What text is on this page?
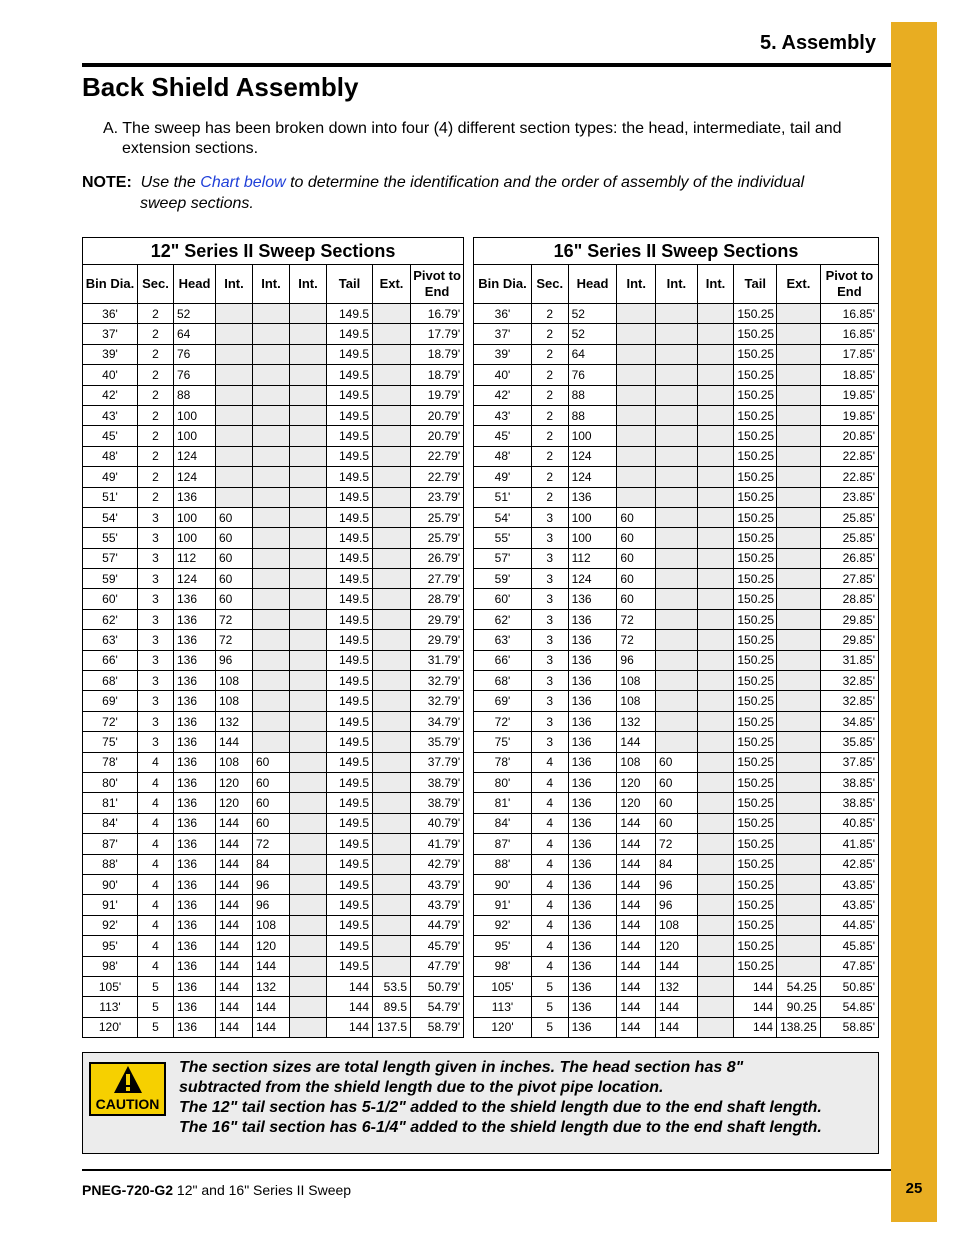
25
5. Assembly
Back Shield Assembly
A. The sweep has been broken down into four (4) different section types: the head, intermediate, tail and extension sections.
NOTE: Use the Chart below to determine the identification and the order of assembly of the individual
sweep sections.
12" Series II Sweep Sections								
Bin Dia.	Sec.	Head	Int.	Int.	Int.	Tail	Ext.	Pivot to End
36'	2	52				149.5		16.79'
37'	2	64				149.5		17.79'
39'	2	76				149.5		18.79'
40'	2	76				149.5		18.79'
42'	2	88				149.5		19.79'
43'	2	100				149.5		20.79'
45'	2	100				149.5		20.79'
48'	2	124				149.5		22.79'
49'	2	124				149.5		22.79'
51'	2	136				149.5		23.79'
54'	3	100	60			149.5		25.79'
55'	3	100	60			149.5		25.79'
57'	3	112	60			149.5		26.79'
59'	3	124	60			149.5		27.79'
60'	3	136	60			149.5		28.79'
62'	3	136	72			149.5		29.79'
63'	3	136	72			149.5		29.79'
66'	3	136	96			149.5		31.79'
68'	3	136	108			149.5		32.79'
69'	3	136	108			149.5		32.79'
72'	3	136	132			149.5		34.79'
75'	3	136	144			149.5		35.79'
78'	4	136	108	60		149.5		37.79'
80'	4	136	120	60		149.5		38.79'
81'	4	136	120	60		149.5		38.79'
84'	4	136	144	60		149.5		40.79'
87'	4	136	144	72		149.5		41.79'
88'	4	136	144	84		149.5		42.79'
90'	4	136	144	96		149.5		43.79'
91'	4	136	144	96		149.5		43.79'
92'	4	136	144	108		149.5		44.79'
95'	4	136	144	120		149.5		45.79'
98'	4	136	144	144		149.5		47.79'
105'	5	136	144	132		144	53.5	50.79'
113'	5	136	144	144		144	89.5	54.79'
120'	5	136	144	144		144	137.5	58.79'
16" Series II Sweep Sections								
Bin Dia.	Sec.	Head	Int.	Int.	Int.	Tail	Ext.	Pivot to End
36'	2	52				150.25		16.85'
37'	2	52				150.25		16.85'
39'	2	64				150.25		17.85'
40'	2	76				150.25		18.85'
42'	2	88				150.25		19.85'
43'	2	88				150.25		19.85'
45'	2	100				150.25		20.85'
48'	2	124				150.25		22.85'
49'	2	124				150.25		22.85'
51'	2	136				150.25		23.85'
54'	3	100	60			150.25		25.85'
55'	3	100	60			150.25		25.85'
57'	3	112	60			150.25		26.85'
59'	3	124	60			150.25		27.85'
60'	3	136	60			150.25		28.85'
62'	3	136	72			150.25		29.85'
63'	3	136	72			150.25		29.85'
66'	3	136	96			150.25		31.85'
68'	3	136	108			150.25		32.85'
69'	3	136	108			150.25		32.85'
72'	3	136	132			150.25		34.85'
75'	3	136	144			150.25		35.85'
78'	4	136	108	60		150.25		37.85'
80'	4	136	120	60		150.25		38.85'
81'	4	136	120	60		150.25		38.85'
84'	4	136	144	60		150.25		40.85'
87'	4	136	144	72		150.25		41.85'
88'	4	136	144	84		150.25		42.85'
90'	4	136	144	96		150.25		43.85'
91'	4	136	144	96		150.25		43.85'
92'	4	136	144	108		150.25		44.85'
95'	4	136	144	120		150.25		45.85'
98'	4	136	144	144		150.25		47.85'
105'	5	136	144	132		144	54.25	50.85'
113'	5	136	144	144		144	90.25	54.85'
120'	5	136	144	144		144	138.25	58.85'
CAUTION
The section sizes are total length given in inches. The head section has 8"
subtracted from the shield length due to the pivot pipe location.
The 12" tail section has 5-1/2" added to the shield length due to the end shaft length.
The 16" tail section has 6-1/4" added to the shield length due to the end shaft length.
PNEG-720-G2 12" and 16" Series II Sweep
